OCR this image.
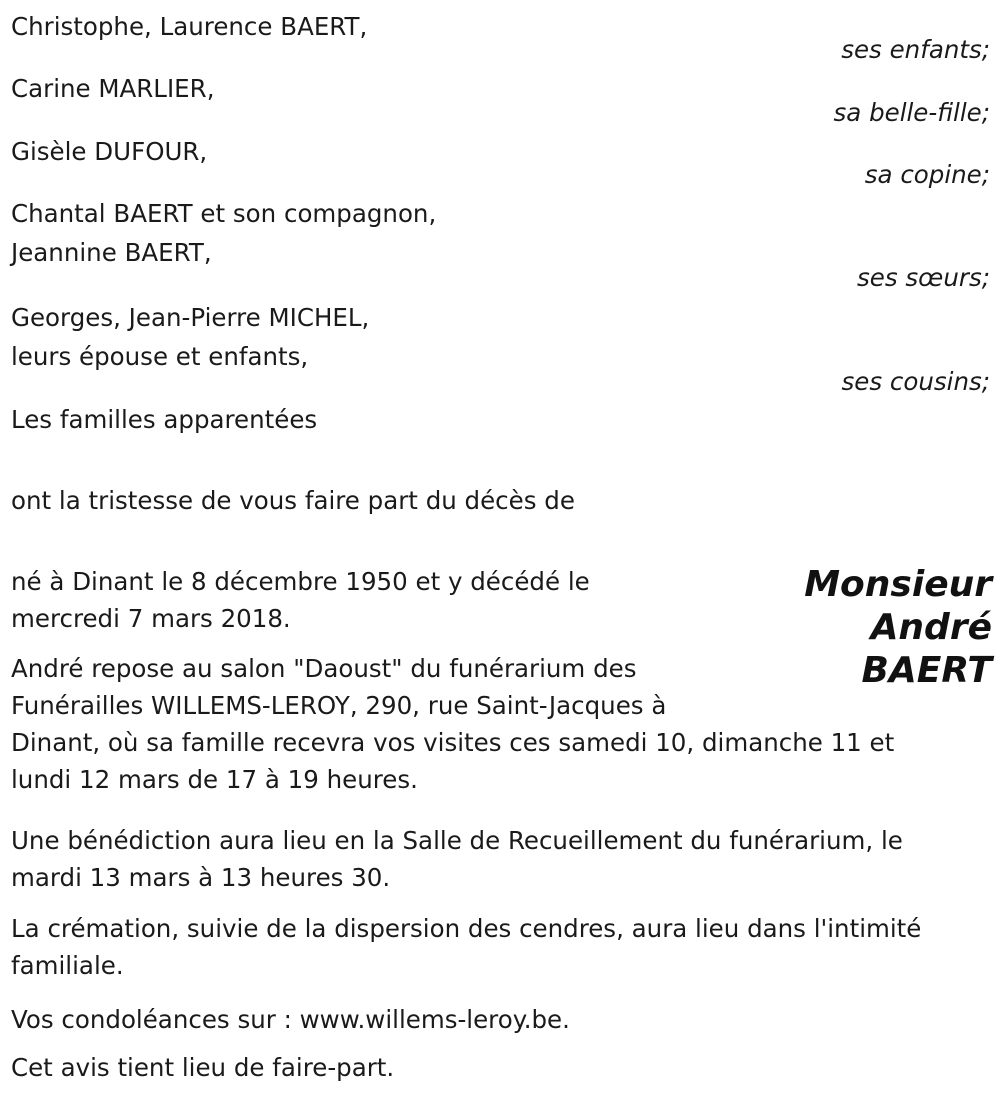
Christophe, Laurence BAERT,
ses enfants;
Carine MARLIER,
sa belle-fille;
Gisèle DUFOUR,
sa copine;
Chantal BAERT et son compagnon,
Jeannine BAERT,
ses sœurs;
Georges, Jean-Pierre MICHEL,
leurs épouse et enfants,
ses cousins;
Les familles apparentées
ont la tristesse de vous faire part du décès de
Monsieur
André
BAERT
né à Dinant le 8 décembre 1950 et y décédé le
mercredi 7 mars 2018.
André repose au salon "Daoust" du funérarium des
Funérailles WILLEMS-LEROY, 290, rue Saint-Jacques à
Dinant, où sa famille recevra vos visites ces samedi 10, dimanche 11 et
lundi 12 mars de 17 à 19 heures.
Une bénédiction aura lieu en la Salle de Recueillement du funérarium, le
mardi 13 mars à 13 heures 30.
La crémation, suivie de la dispersion des cendres, aura lieu dans l'intimité
familiale.
Vos condoléances sur : www.willems-leroy.be.
Cet avis tient lieu de faire-part.
